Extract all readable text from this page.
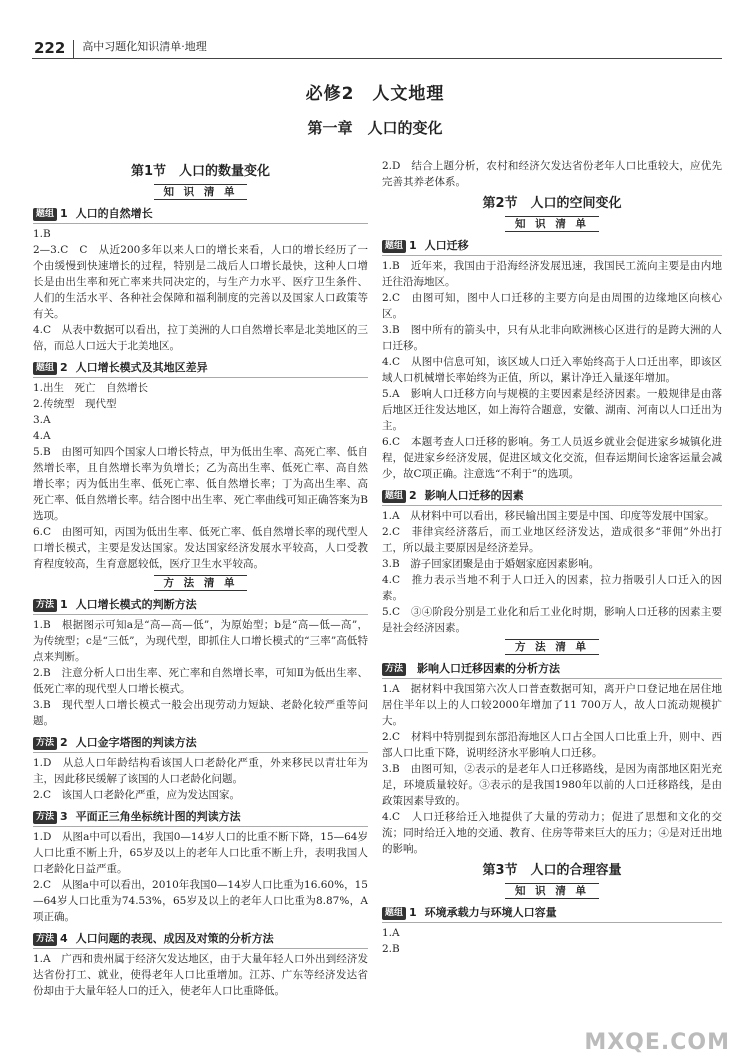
222	高中习题化知识清单·地理
必修2　人文地理
第一章　人口的变化
第1节　人口的数量变化
知 识 清 单
题组 1 人口的自然增长

1.B

2—3.C　C　从近200多年以来人口的增长来看，人口的增长经历了一个由缓慢到快速增长的过程，特别是二战后人口增长最快，这种人口增长是由出生率和死亡率来共同决定的，与生产力水平、医疗卫生条件、人们的生活水平、各种社会保障和福利制度的完善以及国家人口政策等有关。

4.C　从表中数据可以看出，拉丁美洲的人口自然增长率是北美地区的三倍，而总人口远大于北美地区。

题组 2 人口增长模式及其地区差异

1.出生　死亡　自然增长

2.传统型　现代型

3.A

4.A

5.B　由图可知四个国家人口增长特点，甲为低出生率、高死亡率、低自然增长率，且自然增长率为负增长；乙为高出生率、低死亡率、高自然增长率；丙为低出生率、低死亡率、低自然增长率；丁为高出生率、高死亡率、低自然增长率。结合图中出生率、死亡率曲线可知正确答案为B选项。

6.C　由图可知，丙国为低出生率、低死亡率、低自然增长率的现代型人口增长模式，主要是发达国家。发达国家经济发展水平较高，人口受教育程度较高，生育意愿较低，医疗卫生水平较高。

方 法 清 单
方法 1 人口增长模式的判断方法

1.B　根据图示可知a是“高—高—低”，为原始型；b是“高—低—高”，为传统型；c是“三低”，为现代型，即抓住人口增长模式的“三率”高低特点来判断。

2.B　注意分析人口出生率、死亡率和自然增长率，可知Ⅱ为低出生率、低死亡率的现代型人口增长模式。

3.B　现代型人口增长模式一般会出现劳动力短缺、老龄化较严重等问题。

方法 2 人口金字塔图的判读方法

1.D　从总人口年龄结构看该国人口老龄化严重，外来移民以青壮年为主，因此移民缓解了该国的人口老龄化问题。

2.C　该国人口老龄化严重，应为发达国家。

方法 3 平面正三角坐标统计图的判读方法

1.D　从图a中可以看出，我国0—14岁人口的比重不断下降，15—64岁人口比重不断上升，65岁及以上的老年人口比重不断上升，表明我国人口老龄化日益严重。

2.C　从图a中可以看出，2010年我国0—14岁人口比重为16.60%，15—64岁人口比重为74.53%，65岁及以上的老年人口比重为8.87%，A项正确。

方法 4 人口问题的表现、成因及对策的分析方法

1.A　广西和贵州属于经济欠发达地区，由于大量年轻人口外出到经济发达省份打工、就业，使得老年人口比重增加。江苏、广东等经济发达省份却由于大量年轻人口的迁入，使老年人口比重降低。

2.D　结合上题分析，农村和经济欠发达省份老年人口比重较大，应优先完善其养老体系。

第2节　人口的空间变化
知 识 清 单
题组 1 人口迁移

1.B　近年来，我国由于沿海经济发展迅速，我国民工流向主要是由内地迁往沿海地区。

2.C　由图可知，图中人口迁移的主要方向是由周围的边缘地区向核心区。

3.B　图中所有的箭头中，只有从北非向欧洲核心区进行的是跨大洲的人口迁移。

4.C　从图中信息可知，该区域人口迁入率始终高于人口迁出率，即该区域人口机械增长率始终为正值，所以，累计净迁入量逐年增加。

5.A　影响人口迁移方向与规模的主要因素是经济因素。一般规律是由落后地区迁往发达地区，如上海符合题意，安徽、湖南、河南以人口迁出为主。

6.C　本题考查人口迁移的影响。务工人员返乡就业会促进家乡城镇化进程，促进家乡经济发展，促进区域文化交流，但春运期间长途客运量会减少，故C项正确。注意选“不利于”的选项。

题组 2 影响人口迁移的因素

1.A　从材料中可以看出，移民输出国主要是中国、印度等发展中国家。

2.C　菲律宾经济落后，而工业地区经济发达，造成很多“菲佣”外出打工，所以最主要原因是经济差异。

3.B　游子回家团聚是由于婚姻家庭因素影响。

4.C　推力表示当地不利于人口迁入的因素，拉力指吸引人口迁入的因素。

5.C　③④阶段分别是工业化和后工业化时期，影响人口迁移的因素主要是社会经济因素。

方 法 清 单
方法 影响人口迁移因素的分析方法

1.A　据材料中我国第六次人口普查数据可知，离开户口登记地在居住地居住半年以上的人口较2000年增加了11 700万人，故人口流动规模扩大。

2.C　材料中特别提到东部沿海地区人口占全国人口比重上升，则中、西部人口比重下降，说明经济水平影响人口迁移。

3.B　由图可知，②表示的是老年人口迁移路线，是因为南部地区阳光充足，环境质量较好。③表示的是我国1980年以前的人口迁移路线，是由政策因素导致的。

4.C　人口迁移给迁入地提供了大量的劳动力；促进了思想和文化的交流；同时给迁入地的交通、教育、住房等带来巨大的压力；④是对迁出地的影响。

第3节　人口的合理容量
知 识 清 单
题组 1 环境承载力与环境人口容量

1.A

2.B

MXQE.COM
